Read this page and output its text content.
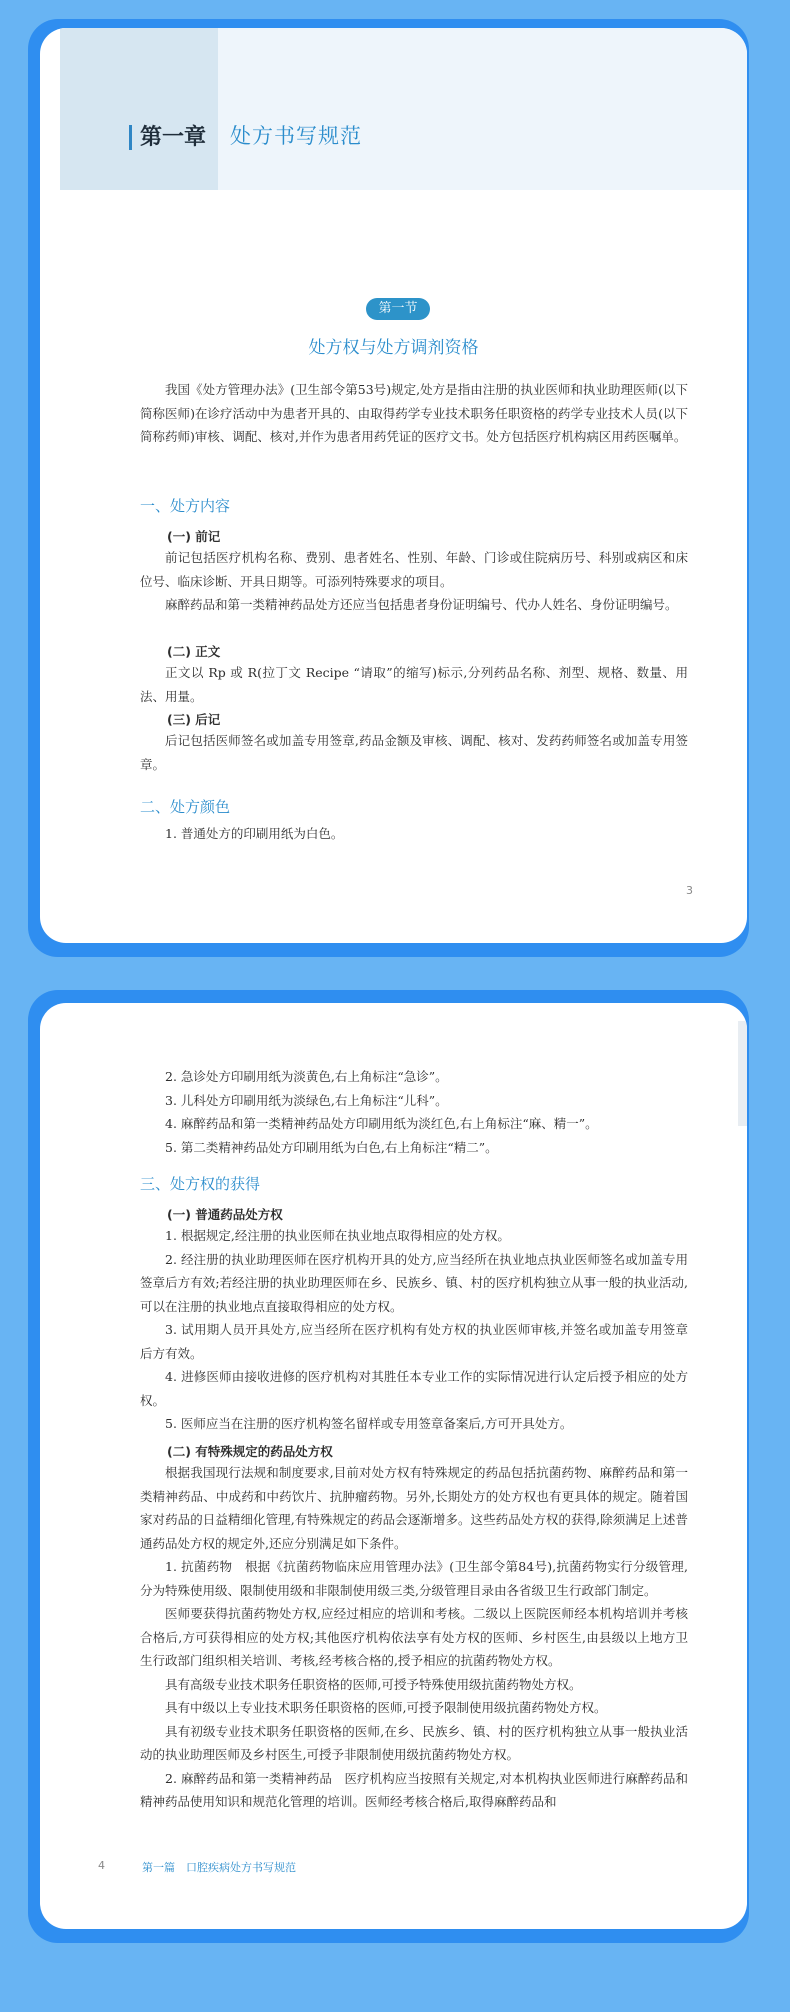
第一章 处方书写规范
第一节
处方权与处方调剂资格

我国《处方管理办法》(卫生部令第53号)规定,处方是指由注册的执业医师和执业助理医师(以下简称医师)在诊疗活动中为患者开具的、由取得药学专业技术职务任职资格的药学专业技术人员(以下简称药师)审核、调配、核对,并作为患者用药凭证的医疗文书。处方包括医疗机构病区用药医嘱单。

一、处方内容
(一) 前记

前记包括医疗机构名称、费别、患者姓名、性别、年龄、门诊或住院病历号、科别或病区和床位号、临床诊断、开具日期等。可添列特殊要求的项目。

麻醉药品和第一类精神药品处方还应当包括患者身份证明编号、代办人姓名、身份证明编号。

(二) 正文

正文以 Rp 或 R(拉丁文 Recipe “请取”的缩写)标示,分列药品名称、剂型、规格、数量、用法、用量。

(三) 后记

后记包括医师签名或加盖专用签章,药品金额及审核、调配、核对、发药药师签名或加盖专用签章。

二、处方颜色

1. 普通处方的印刷用纸为白色。

3

2. 急诊处方印刷用纸为淡黄色,右上角标注“急诊”。

3. 儿科处方印刷用纸为淡绿色,右上角标注“儿科”。

4. 麻醉药品和第一类精神药品处方印刷用纸为淡红色,右上角标注“麻、精一”。

5. 第二类精神药品处方印刷用纸为白色,右上角标注“精二”。

三、处方权的获得
(一) 普通药品处方权

1. 根据规定,经注册的执业医师在执业地点取得相应的处方权。

2. 经注册的执业助理医师在医疗机构开具的处方,应当经所在执业地点执业医师签名或加盖专用签章后方有效;若经注册的执业助理医师在乡、民族乡、镇、村的医疗机构独立从事一般的执业活动,可以在注册的执业地点直接取得相应的处方权。

3. 试用期人员开具处方,应当经所在医疗机构有处方权的执业医师审核,并签名或加盖专用签章后方有效。

4. 进修医师由接收进修的医疗机构对其胜任本专业工作的实际情况进行认定后授予相应的处方权。

5. 医师应当在注册的医疗机构签名留样或专用签章备案后,方可开具处方。

(二) 有特殊规定的药品处方权

根据我国现行法规和制度要求,目前对处方权有特殊规定的药品包括抗菌药物、麻醉药品和第一类精神药品、中成药和中药饮片、抗肿瘤药物。另外,长期处方的处方权也有更具体的规定。随着国家对药品的日益精细化管理,有特殊规定的药品会逐渐增多。这些药品处方权的获得,除须满足上述普通药品处方权的规定外,还应分别满足如下条件。

1. 抗菌药物　根据《抗菌药物临床应用管理办法》(卫生部令第84号),抗菌药物实行分级管理,分为特殊使用级、限制使用级和非限制使用级三类,分级管理目录由各省级卫生行政部门制定。

医师要获得抗菌药物处方权,应经过相应的培训和考核。二级以上医院医师经本机构培训并考核合格后,方可获得相应的处方权;其他医疗机构依法享有处方权的医师、乡村医生,由县级以上地方卫生行政部门组织相关培训、考核,经考核合格的,授予相应的抗菌药物处方权。

具有高级专业技术职务任职资格的医师,可授予特殊使用级抗菌药物处方权。

具有中级以上专业技术职务任职资格的医师,可授予限制使用级抗菌药物处方权。

具有初级专业技术职务任职资格的医师,在乡、民族乡、镇、村的医疗机构独立从事一般执业活动的执业助理医师及乡村医生,可授予非限制使用级抗菌药物处方权。

2. 麻醉药品和第一类精神药品　医疗机构应当按照有关规定,对本机构执业医师进行麻醉药品和精神药品使用知识和规范化管理的培训。医师经考核合格后,取得麻醉药品和

4	第一篇　口腔疾病处方书写规范
